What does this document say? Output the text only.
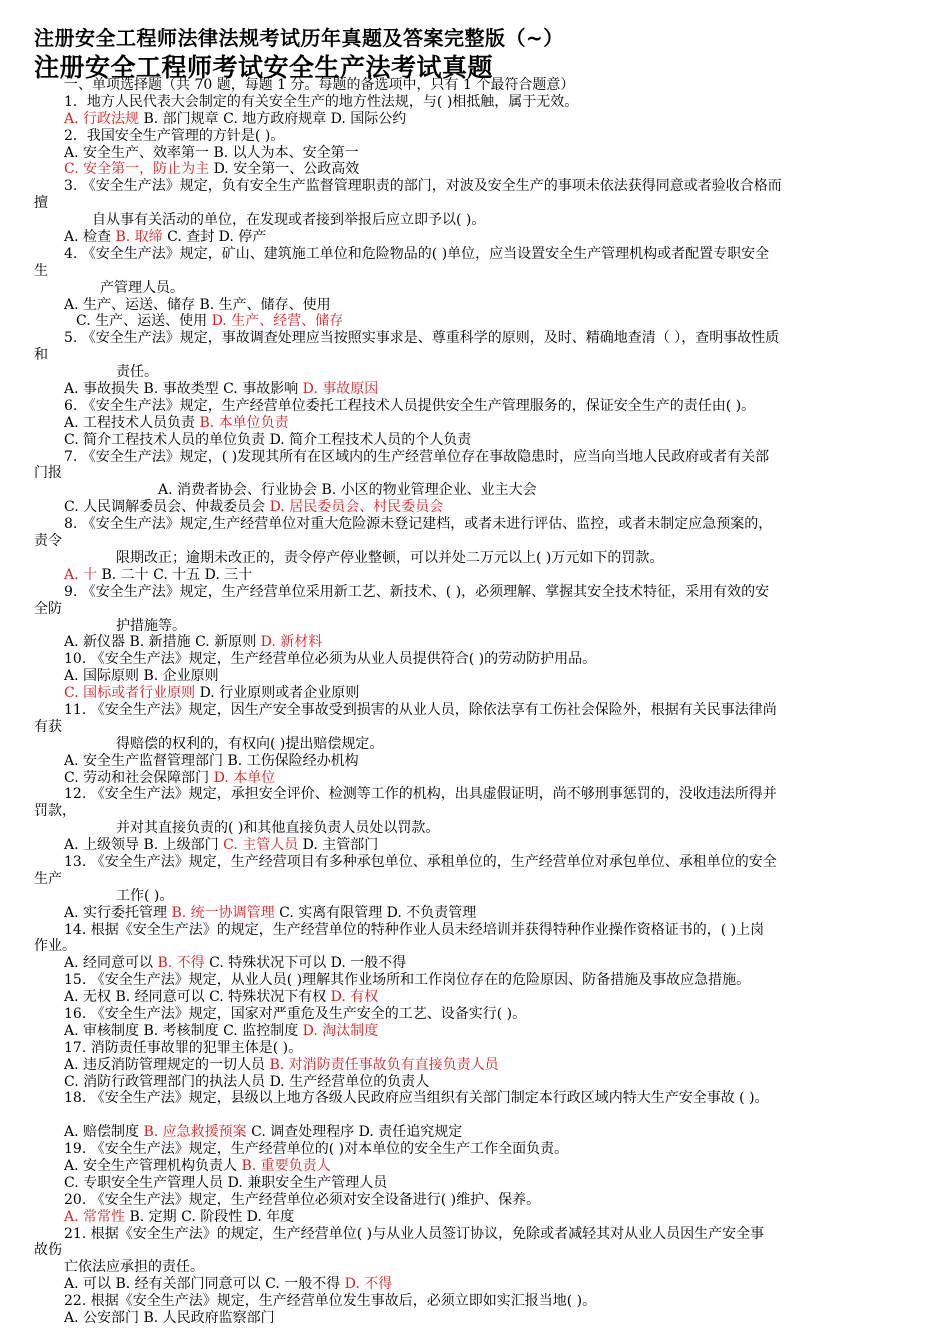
注册安全工程师法律法规考试历年真题及答案完整版（~）
注册安全工程师考试安全生产法考试真题
一、单项选择题（共 70 题，每题 1 分。每题的备选项中，只有 1 个最符合题意）
1．地方人民代表大会制定的有关安全生产的地方性法规，与( )相抵触，属于无效。
A. 行政法规 B. 部门规章 C. 地方政府规章 D. 国际公约
2．我国安全生产管理的方针是( )。
A. 安全生产、效率第一 B. 以人为本、安全第一
C. 安全第一，防止为主 D. 安全第一、公政高效
3. 《安全生产法》规定，负有安全生产监督管理职责的部门，对波及安全生产的事项未依法获得同意或者验收合格而
擅
自从事有关活动的单位，在发现或者接到举报后应立即予以( )。
A. 检查 B. 取缔 C. 查封 D. 停产
4. 《安全生产法》规定，矿山、建筑施工单位和危险物品的( )单位，应当设置安全生产管理机构或者配置专职安全
生
产管理人员。
A. 生产、运送、储存 B. 生产、储存、使用
C. 生产、运送、使用 D. 生产、经营、储存
5. 《安全生产法》规定，事故调查处理应当按照实事求是、尊重科学的原则，及时、精确地查清（ ），查明事故性质
和
责任。
A. 事故损失 B. 事故类型 C. 事故影响 D. 事故原因
6. 《安全生产法》规定，生产经营单位委托工程技术人员提供安全生产管理服务的，保证安全生产的责任由( )。
A. 工程技术人员负责 B. 本单位负责
C. 简介工程技术人员的单位负责 D. 简介工程技术人员的个人负责
7. 《安全生产法》规定，( )发现其所有在区域内的生产经营单位存在事故隐患时，应当向当地人民政府或者有关部
门报
A. 消费者协会、行业协会 B. 小区的物业管理企业、业主大会
C. 人民调解委员会、仲裁委员会 D. 居民委员会、村民委员会
8. 《安全生产法》规定,生产经营单位对重大危险源未登记建档，或者未进行评估、监控，或者未制定应急预案的，
责令
限期改正；逾期未改正的，责令停产停业整顿，可以并处二万元以上( )万元如下的罚款。
A. 十 B. 二十 C. 十五 D. 三十
9. 《安全生产法》规定，生产经营单位采用新工艺、新技术、( )，必须理解、掌握其安全技术特征，采用有效的安
全防
护措施等。
A. 新仪器 B. 新措施 C. 新原则 D. 新材料
10. 《安全生产法》规定，生产经营单位必须为从业人员提供符合( )的劳动防护用品。
A. 国际原则 B. 企业原则
C. 国标或者行业原则 D. 行业原则或者企业原则
11. 《安全生产法》规定，因生产安全事故受到损害的从业人员，除依法享有工伤社会保险外，根据有关民事法律尚
有获
得赔偿的权利的，有权向( )提出赔偿规定。
A. 安全生产监督管理部门 B. 工伤保险经办机构
C. 劳动和社会保障部门 D. 本单位
12. 《安全生产法》规定，承担安全评价、检测等工作的机构，出具虚假证明，尚不够刑事惩罚的，没收违法所得并
罚款，
并对其直接负责的( )和其他直接负责人员处以罚款。
A. 上级领导 B. 上级部门 C. 主管人员 D. 主管部门
13. 《安全生产法》规定，生产经营项目有多种承包单位、承租单位的，生产经营单位对承包单位、承租单位的安全
生产
工作( )。
A. 实行委托管理 B. 统一协调管理 C. 实离有限管理 D. 不负责管理
14. 根据《安全生产法》的规定，生产经营单位的特种作业人员未经培训并获得特种作业操作资格证书的，( )上岗
作业。
A. 经同意可以 B. 不得 C. 特殊状况下可以 D. 一般不得
15. 《安全生产法》规定，从业人员( )理解其作业场所和工作岗位存在的危险原因、防备措施及事故应急措施。
A. 无权 B. 经同意可以 C. 特殊状况下有权 D. 有权
16. 《安全生产法》规定，国家对严重危及生产安全的工艺、设备实行( )。
A. 审核制度 B. 考核制度 C. 监控制度 D. 淘汰制度
17. 消防责任事故罪的犯罪主体是( )。
A. 违反消防管理规定的一切人员 B. 对消防责任事故负有直接负责人员
C. 消防行政管理部门的执法人员 D. 生产经营单位的负责人
18. 《安全生产法》规定，县级以上地方各级人民政府应当组织有关部门制定本行政区域内特大生产安全事故 ( )。
A. 赔偿制度 B. 应急救援预案 C. 调查处理程序 D. 责任追究规定
19. 《安全生产法》规定，生产经营单位的( )对本单位的安全生产工作全面负责。
A. 安全生产管理机构负责人 B. 重要负责人
C. 专职安全生产管理人员 D. 兼职安全生产管理人员
20. 《安全生产法》规定，生产经营单位必须对安全设备进行( )维护、保养。
A. 常常性 B. 定期 C. 阶段性 D. 年度
21. 根据《安全生产法》的规定，生产经营单位( )与从业人员签订协议，免除或者减轻其对从业人员因生产安全事
故伤
亡依法应承担的责任。
A. 可以 B. 经有关部门同意可以 C. 一般不得 D. 不得
22. 根据《安全生产法》规定，生产经营单位发生事故后，必须立即如实汇报当地( )。
A. 公安部门 B. 人民政府监察部门
